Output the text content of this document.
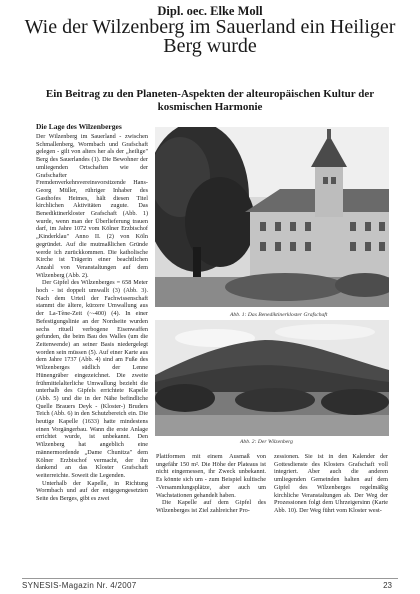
Dipl. oec. Elke Moll
Wie der Wilzenberg im Sauerland ein Heiliger Berg wurde
Ein Beitrag zu den Planeten-Aspekten der alteuropäischen Kultur der kosmischen Harmonie
Die Lage des Wilzenberges

Der Wilzenberg im Sauerland - zwischen Schmallenberg, Wormbach und Grafschaft gelegen - gilt von alters her als der „heilige" Berg des Sauerlandes (1). Die Bewohner der umliegenden Ortschaften wie der Grafschafter Fremdenverkehrsvereinsvorsitzende Hans-Georg Müller, rühriger Inhaber des Gasthofes Heimes, hält diesen Titel kirchlichen Aktivitäten zugute. Das Benediktinerkloster Grafschaft (Abb. 1) wurde, wenn man der Überlieferung trauen darf, im Jahre 1072 vom Kölner Erzbischof „Kinderklau" Anno II. (2) von Köln gegründet. Auf die mutmaßlichen Gründe werde ich zurückkommen. Die katholische Kirche ist Trägerin einer beachtlichen Anzahl von Veranstaltungen auf dem Wilzenberg (Abb. 2).

Der Gipfel des Wilzenberges = 658 Meter hoch - ist doppelt umwallt (3) (Abb. 3). Nach dem Urteil der Fachwissenschaft stammt die ältere, kürzere Umwallung aus der La-Tène-Zeit (~-400) (4). In einer Befestigungslinie an der Nordseite wurden sechs rituell verbogene Eisenwaffen gefunden, die beim Bau des Walles (um die Zeitenwende) an seiner Basis niedergelegt worden sein müssen (5). Auf einer Karte aus dem Jahre 1737 (Abb. 4) sind am Fuße des Wilzenberges südlich der Lenne Hünengräber eingezeichnet. Die zweite frühmittelalterliche Umwallung bezieht die unterhalb des Gipfels errichtete Kapelle (Abb. 5) und die in der Nähe befindliche Quelle Brauers Deyk - (Kloster-) Bruders Teich (Abb. 6) in den Schutzbereich ein. Die heutige Kapelle (1633) hatte mindestens einen Vorgängerbau. Wann die erste Anlage errichtet wurde, ist unbekannt. Den Wilzenberg hat angeblich eine männermordende „Dame Chunitza" dem Kölner Erzbischof vermacht, der ihn dankend an das Kloster Grafschaft weiterreichte. Soweit die Legenden.

Unterhalb der Kapelle, in Richtung Wormbach und auf der entgegengesetzten Seite des Berges, gibt es zwei

Abb. 1: Das Benediktinerkloster Grafschaft
Abb. 2: Der Wilzenberg

Plattformen mit einem Ausmaß von ungefähr 150 m². Die Höhe der Plateaus ist nicht eingemessen, ihr Zweck unbekannt. Es könnte sich um - zum Beispiel kultische -Versammlungsplätze, aber auch um Wachstationen gehandelt haben.

Die Kapelle auf dem Gipfel des Wilzenberges ist Ziel zahlreicher Pro-

zessionen. Sie ist in den Kalender der Gottesdienste des Klosters Grafschaft voll integriert. Aber auch die anderen umliegenden Gemeinden halten auf dem Gipfel des Wilzenberges regelmäßig kirchliche Veranstaltungen ab. Der Weg der Prozessionen folgt dem Uhrzeigersinn (Karte Abb. 10). Der Weg führt vom Kloster west-

SYNESIS-Magazin Nr. 4/2007	23
